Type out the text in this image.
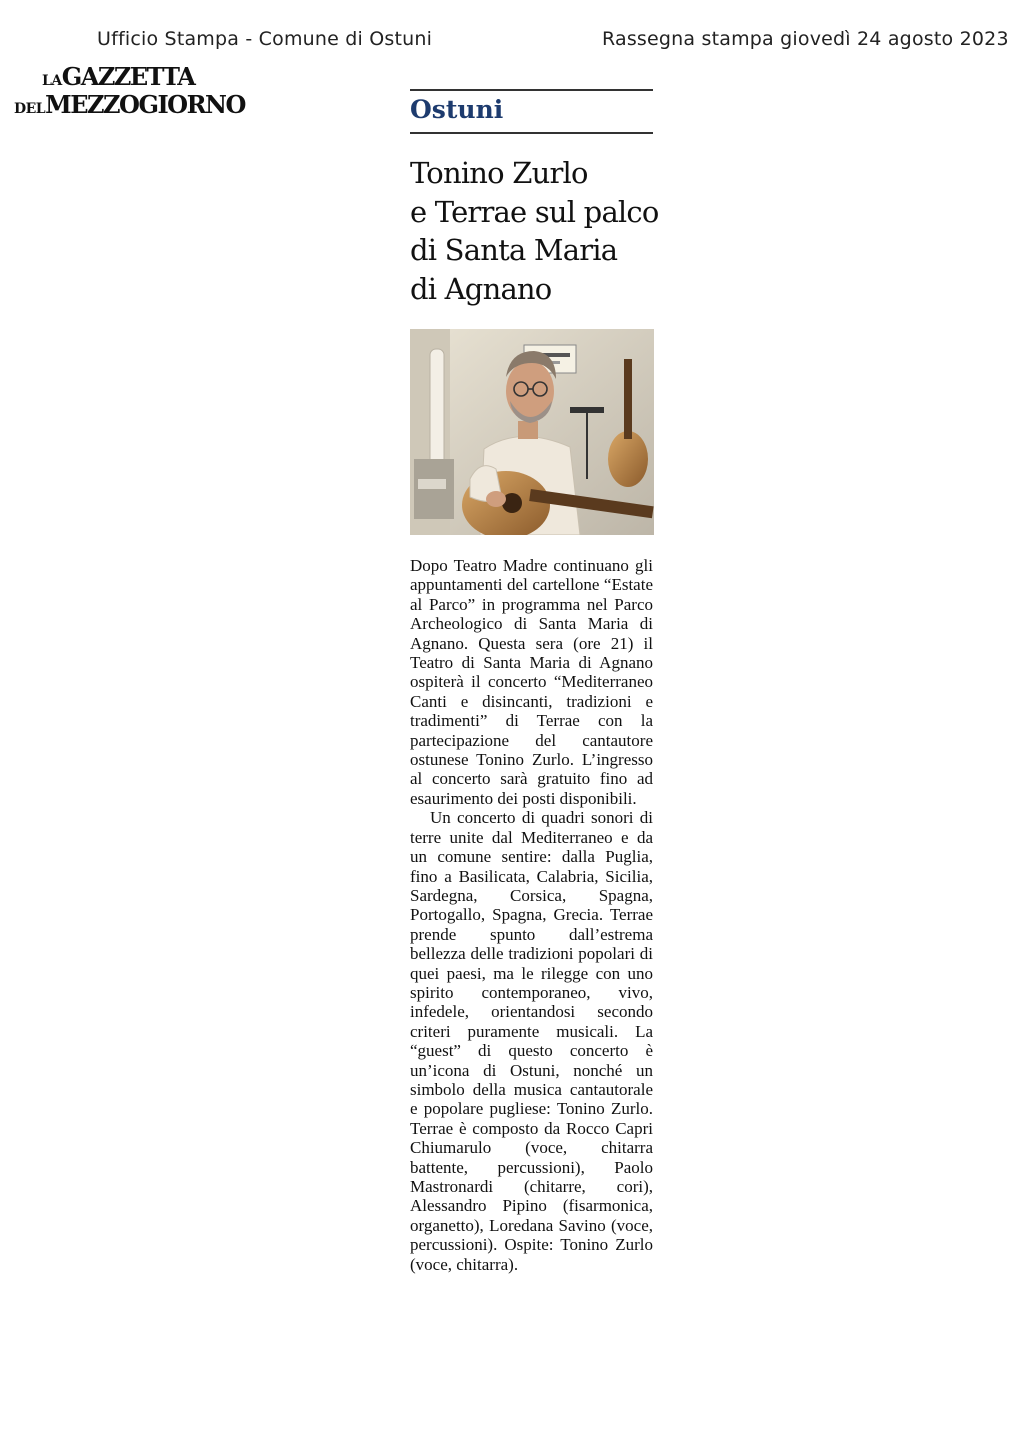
Ufficio Stampa - Comune di Ostuni	Rassegna stampa giovedì 24 agosto 2023
LAGAZZETTA
DELMEZZOGIORNO	Ostuni
Tonino Zurlo
e Terrae sul palco
di Santa Maria
di Agnano

Dopo Teatro Madre continuano gli appuntamenti del cartellone “Estate al Parco” in programma nel Parco Archeologico di Santa Maria di Agnano. Questa sera (ore 21) il Teatro di Santa Maria di Agnano ospiterà il concerto “Mediterraneo Canti e disincanti, tradizioni e tradimenti” di Terrae con la partecipazione del cantautore ostunese Tonino Zurlo. L’ingresso al concerto sarà gratuito fino ad esaurimento dei posti disponibili.

Un concerto di quadri sonori di terre unite dal Mediterraneo e da un comune sentire: dalla Puglia, fino a Basilicata, Calabria, Sicilia, Sardegna, Corsica, Spagna, Portogallo, Spagna, Grecia. Terrae prende spunto dall’estrema bellezza delle tradizioni popolari di quei paesi, ma le rilegge con uno spirito contemporaneo, vivo, infedele, orientandosi secondo criteri puramente musicali. La “guest” di questo concerto è un’icona di Ostuni, nonché un simbolo della musica cantautorale e popolare pugliese: Tonino Zurlo. Terrae è composto da Rocco Capri Chiumarulo (voce, chitarra battente, percussioni), Paolo Mastronardi (chitarre, cori), Alessandro Pipino (fisarmonica, organetto), Loredana Savino (voce, percussioni). Ospite: Tonino Zurlo (voce, chitarra).
